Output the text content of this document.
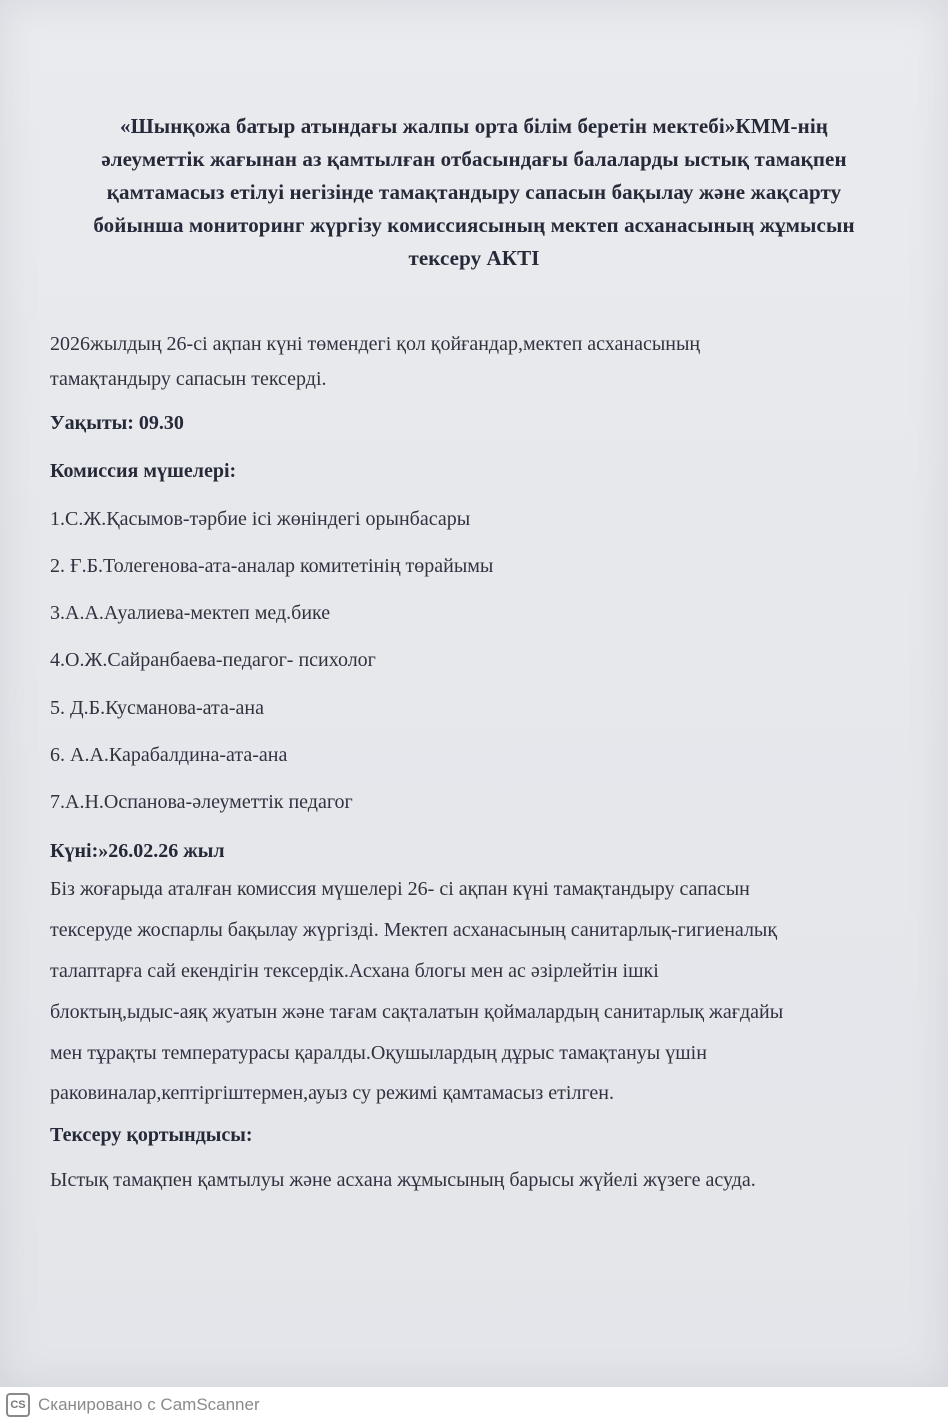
«Шынқожа батыр атындағы жалпы орта білім беретін мектебі»КММ-нің
әлеуметтік жағынан аз қамтылған отбасындағы балаларды ыстық тамақпен
қамтамасыз етілуі негізінде тамақтандыру сапасын бақылау және жақсарту
бойынша мониторинг жүргізу комиссиясының мектеп асханасының жұмысын
тексеру АКТІ
2026жылдың 26-сі ақпан күні төмендегі қол қойғандар,мектеп асханасының
тамақтандыру сапасын тексерді.
Уақыты: 09.30
Комиссия мүшелері:
1.С.Ж.Қасымов-тәрбие ісі жөніндегі орынбасары
2. Ғ.Б.Толегенова-ата-аналар комитетінің төрайымы
3.А.А.Ауалиева-мектеп мед.бике
4.О.Ж.Сайранбаева-педагог- психолог
5. Д.Б.Кусманова-ата-ана
6. А.А.Карабалдина-ата-ана
7.А.Н.Оспанова-әлеуметтік педагог
Күні:»26.02.26 жыл
Біз жоғарыда аталған комиссия мүшелері 26- сі ақпан күні тамақтандыру сапасын
тексеруде жоспарлы бақылау жүргізді. Мектеп асханасының санитарлық-гигиеналық
талаптарға сай екендігін тексердік.Асхана блогы мен ас әзірлейтін ішкі
блоктың,ыдыс-аяқ жуатын және тағам сақталатын қоймалардың санитарлық жағдайы
мен тұрақты температурасы қаралды.Оқушылардың дұрыс тамақтануы үшін
раковиналар,кептіргіштермен,ауыз су режимі қамтамасыз етілген.
Тексеру қортындысы:
Ыстық тамақпен қамтылуы және асхана жұмысының барысы жүйелі жүзеге асуда.
CS Сканировано с CamScanner
